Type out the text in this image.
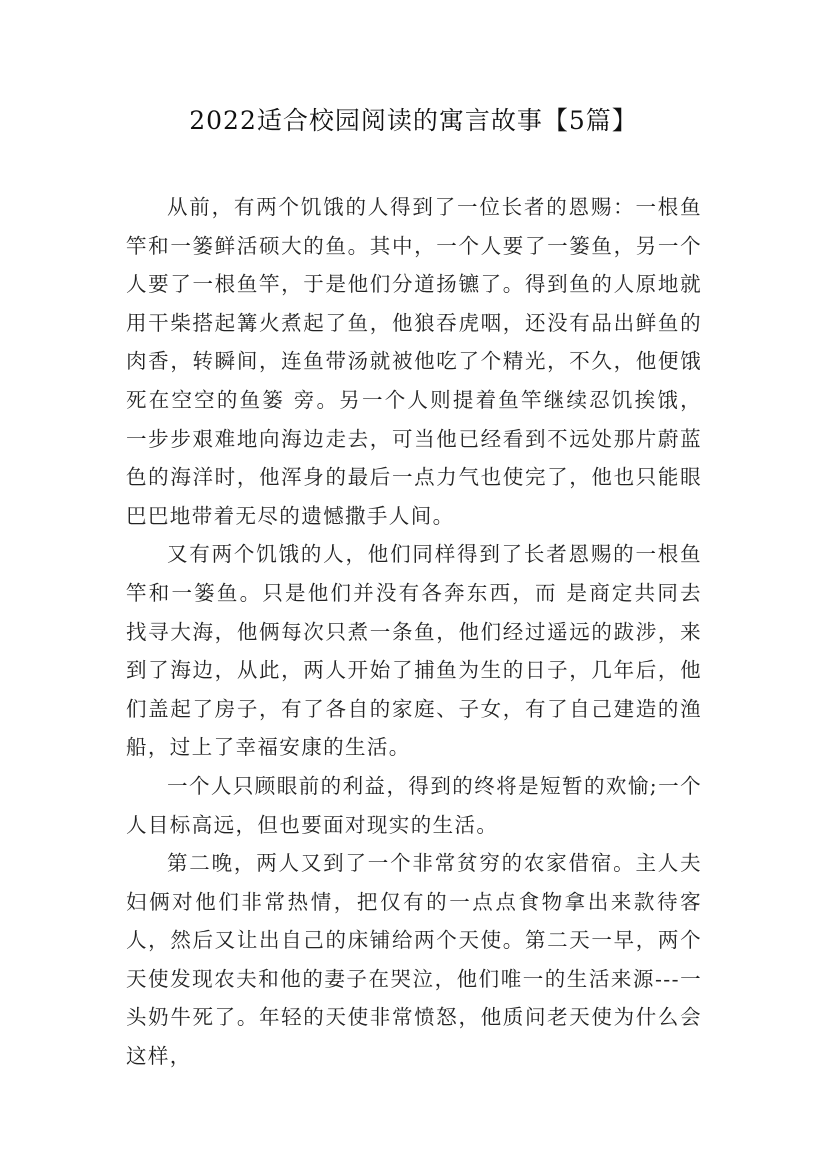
2022适合校园阅读的寓言故事【5篇】

从前，有两个饥饿的人得到了一位长者的恩赐：一根鱼竿和一篓鲜活硕大的鱼。其中，一个人要了一篓鱼，另一个人要了一根鱼竿，于是他们分道扬镳了。得到鱼的人原地就用干柴搭起篝火煮起了鱼，他狼吞虎咽，还没有品出鲜鱼的肉香，转瞬间，连鱼带汤就被他吃了个精光，不久，他便饿死在空空的鱼篓 旁。另一个人则提着鱼竿继续忍饥挨饿，一步步艰难地向海边走去，可当他已经看到不远处那片蔚蓝色的海洋时，他浑身的最后一点力气也使完了，他也只能眼巴巴地带着无尽的遗憾撒手人间。

又有两个饥饿的人，他们同样得到了长者恩赐的一根鱼竿和一篓鱼。只是他们并没有各奔东西，而 是商定共同去找寻大海，他俩每次只煮一条鱼，他们经过遥远的跋涉，来到了海边，从此，两人开始了捕鱼为生的日子，几年后，他们盖起了房子，有了各自的家庭、子女，有了自己建造的渔船，过上了幸福安康的生活。

一个人只顾眼前的利益，得到的终将是短暂的欢愉;一个人目标高远，但也要面对现实的生活。

第二晚，两人又到了一个非常贫穷的农家借宿。主人夫妇俩对他们非常热情，把仅有的一点点食物拿出来款待客人，然后又让出自己的床铺给两个天使。第二天一早，两个天使发现农夫和他的妻子在哭泣，他们唯一的生活来源---一头奶牛死了。年轻的天使非常愤怒，他质问老天使为什么会这样，
